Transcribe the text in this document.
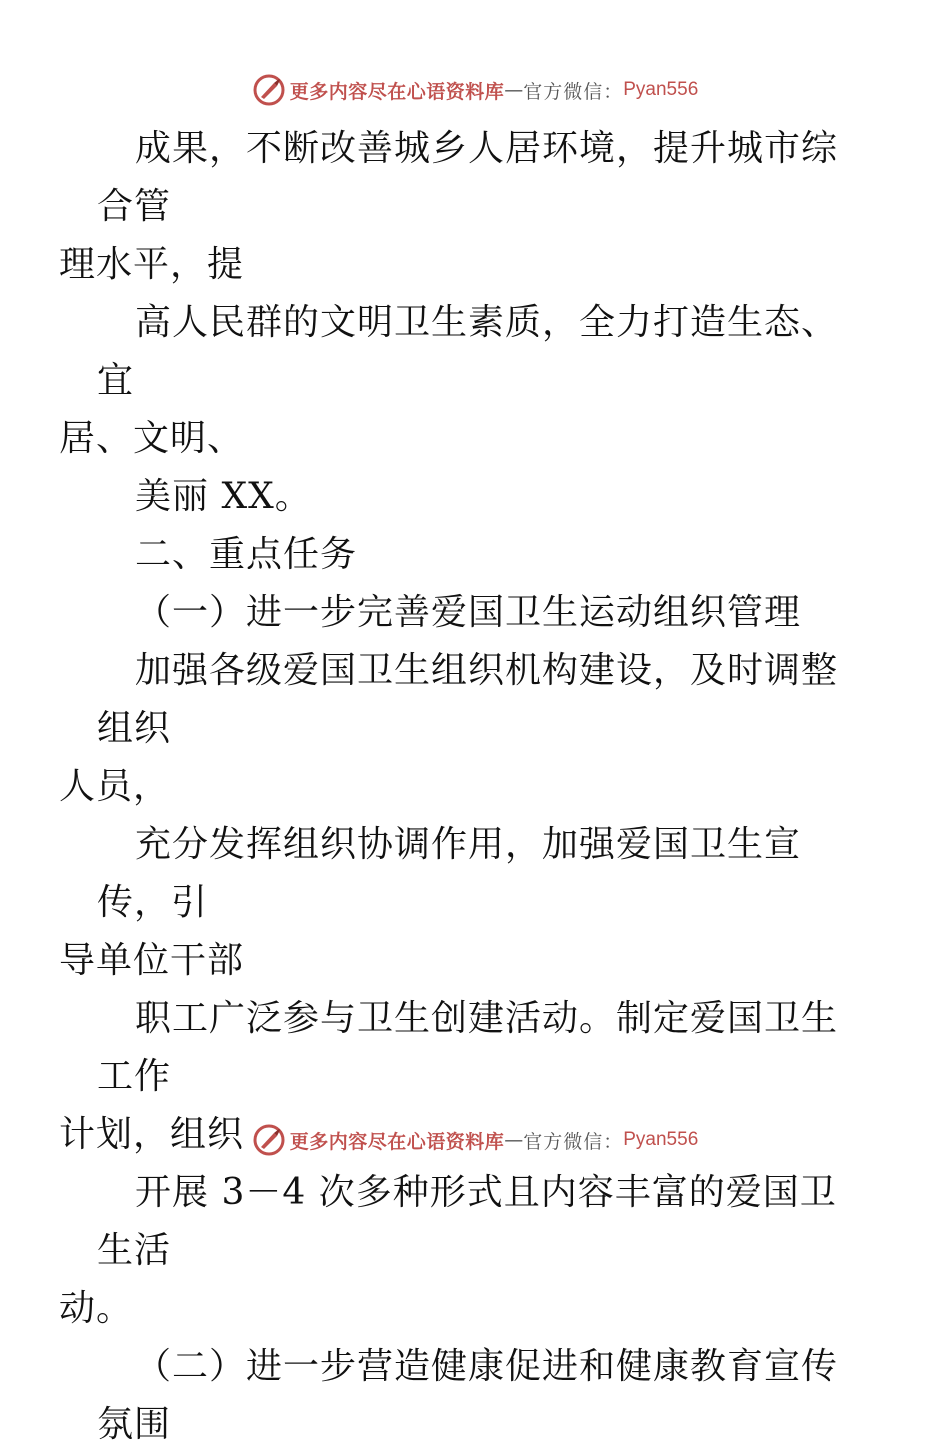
更多内容尽在心语资料库 — 官方微信： Pyan556

成果，不断改善城乡人居环境，提升城市综合管
理水平，提

高人民群的文明卫生素质，全力打造生态、宜
居、文明、

美丽 XX。

二、重点任务

（一）进一步完善爱国卫生运动组织管理

加强各级爱国卫生组织机构建设，及时调整组织
人员，

充分发挥组织协调作用，加强爱国卫生宣传，引
导单位干部

职工广泛参与卫生创建活动。制定爱国卫生工作
计划，组织

开展 3－4 次多种形式且内容丰富的爱国卫生活
动。

（二）进一步营造健康促进和健康教育宣传氛围

更多内容尽在心语资料库 — 官方微信： Pyan556
